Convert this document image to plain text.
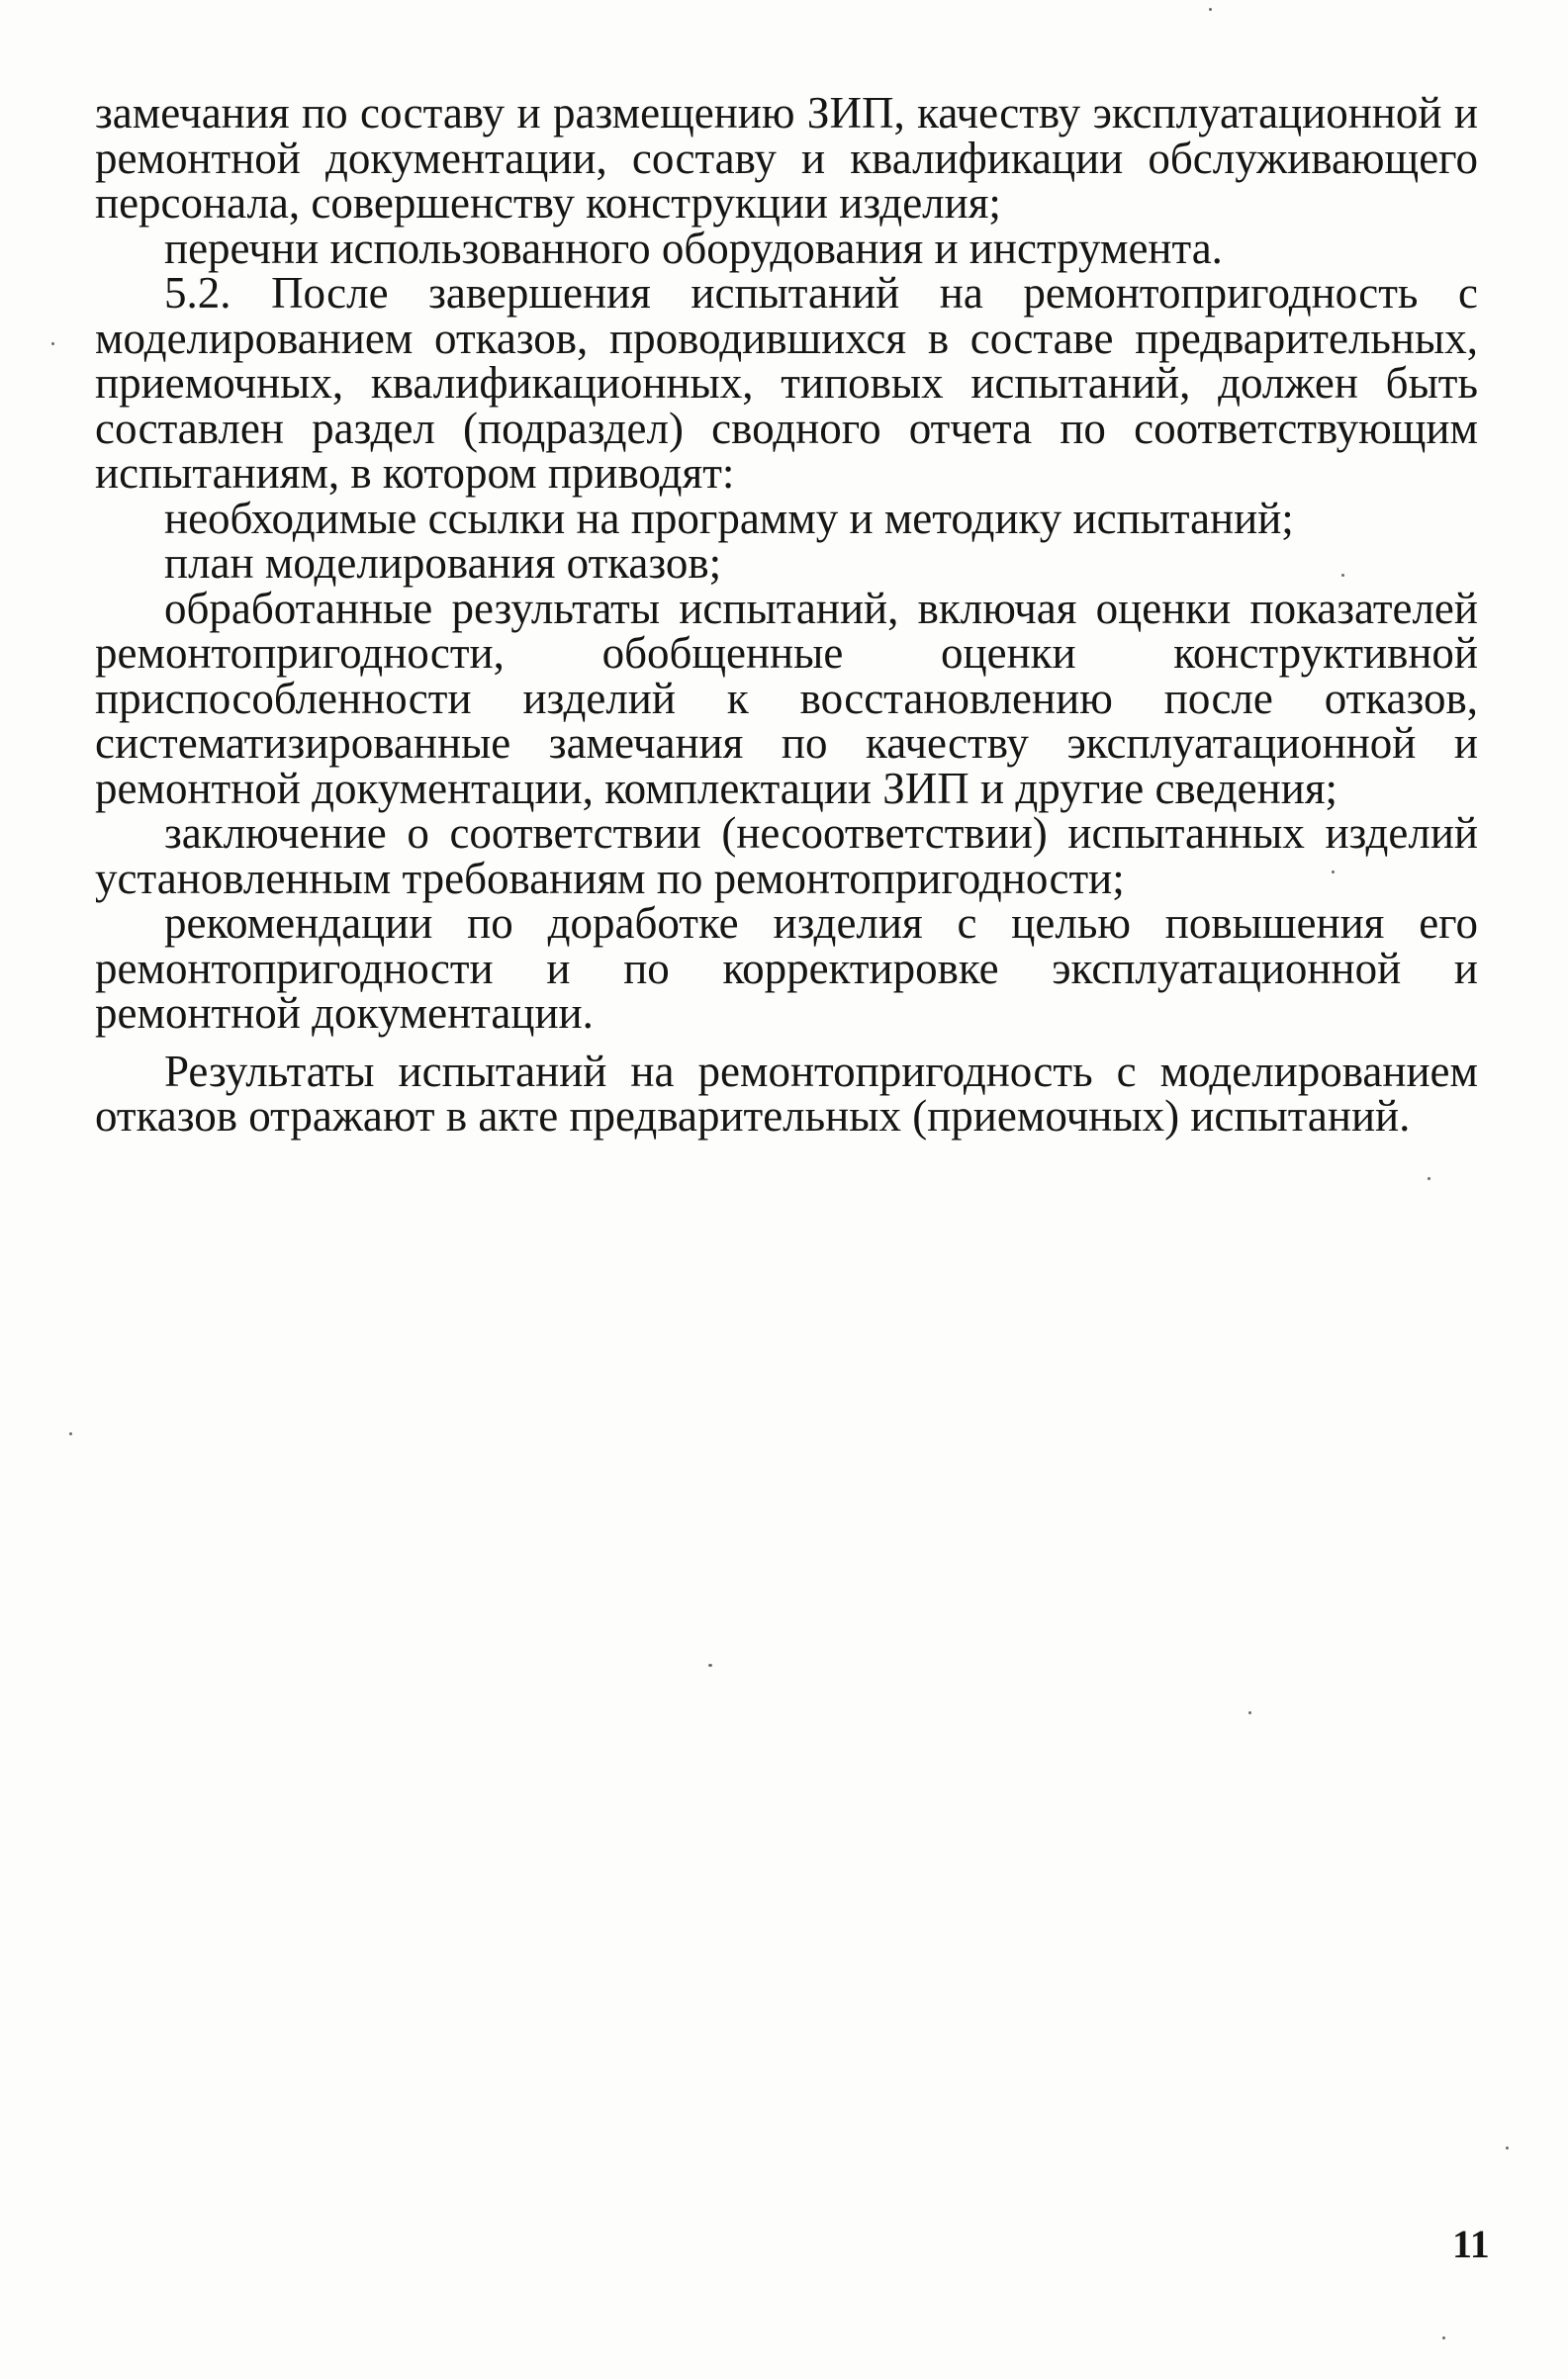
замечания по составу и размещению ЗИП, качеству эксплуатационной и ремонтной документации, составу и квалификации обслуживающего персонала, совершенству конструкции изделия;

перечни использованного оборудования и инструмента.

5.2. После завершения испытаний на ремонтопригодность с моделированием отказов, проводившихся в составе предварительных, приемочных, квалификационных, типовых испытаний, должен быть составлен раздел (подраздел) сводного отчета по соответствующим испытаниям, в котором приводят:

необходимые ссылки на программу и методику испытаний;

план моделирования отказов;

обработанные результаты испытаний, включая оценки показателей ремонтопригодности, обобщенные оценки конструктивной приспособленности изделий к восстановлению после отказов, систематизированные замечания по качеству эксплуатационной и ремонтной документации, комплектации ЗИП и другие сведения;

заключение о соответствии (несоответствии) испытанных изделий установленным требованиям по ремонтопригодности;

рекомендации по доработке изделия с целью повышения его ремонтопригодности и по корректировке эксплуатационной и ремонтной документации.

Результаты испытаний на ремонтопригодность с моделированием отказов отражают в акте предварительных (приемочных) испытаний.

11
